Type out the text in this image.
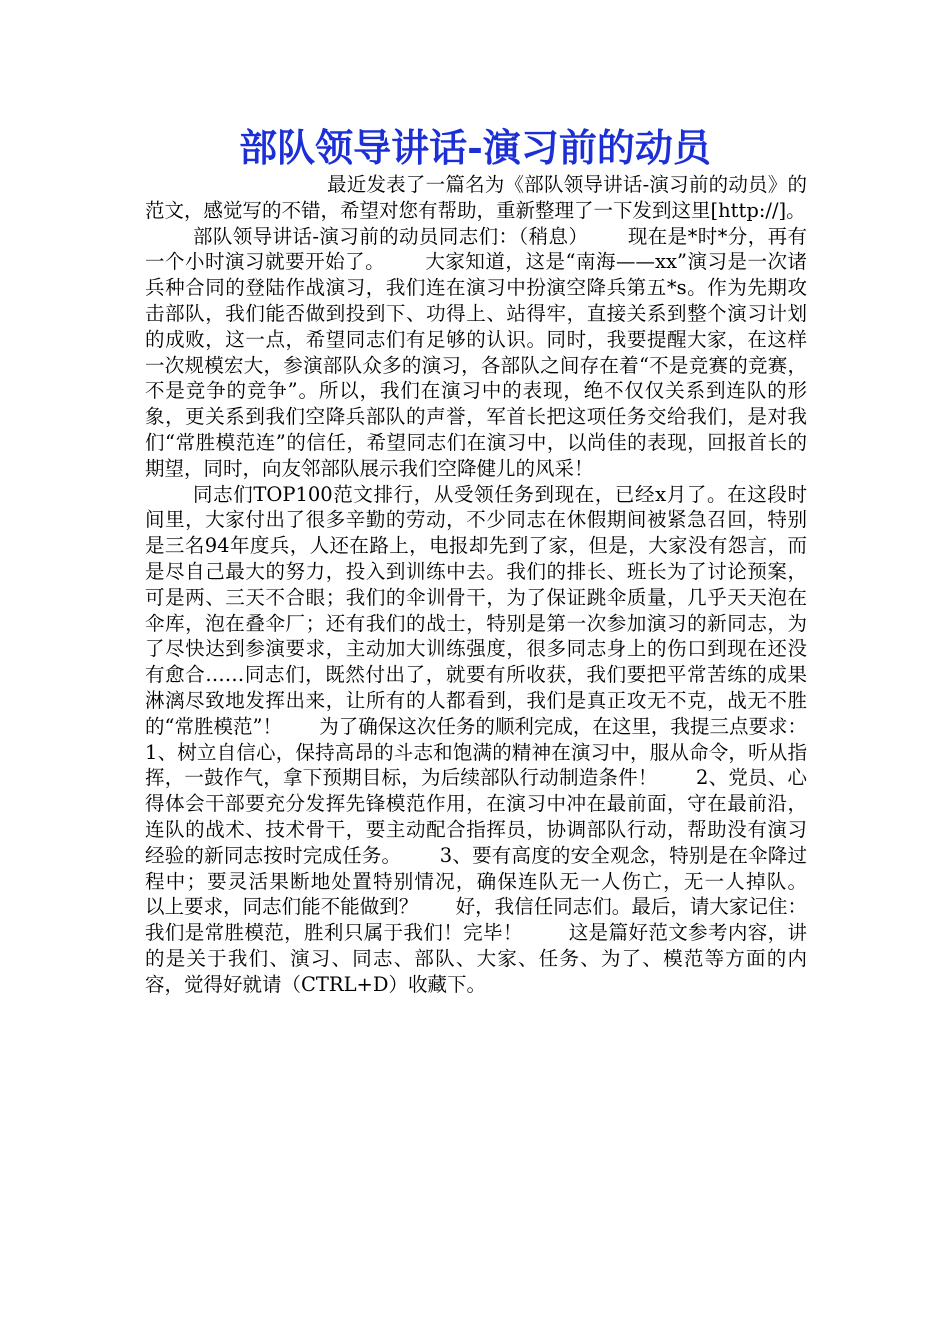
部队领导讲话-演习前的动员

最近发表了一篇名为《部队领导讲话-演习前的动员》的范文，感觉写的不错，希望对您有帮助，重新整理了一下发到这里[http://]。

部队领导讲话-演习前的动员同志们：（稍息）      现在是*时*分，再有一个小时演习就要开始了。      大家知道，这是“南海——xx”演习是一次诸兵种合同的登陆作战演习，我们连在演习中扮演空降兵第五*s。作为先期攻击部队，我们能否做到投到下、功得上、站得牢，直接关系到整个演习计划的成败，这一点，希望同志们有足够的认识。同时，我要提醒大家，在这样一次规模宏大，参演部队众多的演习，各部队之间存在着“不是竞赛的竞赛，不是竞争的竞争”。所以，我们在演习中的表现，绝不仅仅关系到连队的形象，更关系到我们空降兵部队的声誉，军首长把这项任务交给我们，是对我们“常胜模范连”的信任，希望同志们在演习中，以尚佳的表现，回报首长的期望，同时，向友邻部队展示我们空降健儿的风采！

同志们TOP100范文排行，从受领任务到现在，已经x月了。在这段时间里，大家付出了很多辛勤的劳动，不少同志在休假期间被紧急召回，特别是三名94年度兵，人还在路上，电报却先到了家，但是，大家没有怨言，而是尽自己最大的努力，投入到训练中去。我们的排长、班长为了讨论预案，可是两、三天不合眼；我们的伞训骨干，为了保证跳伞质量，几乎天天泡在伞库，泡在叠伞厂；还有我们的战士，特别是第一次参加演习的新同志，为了尽快达到参演要求，主动加大训练强度，很多同志身上的伤口到现在还没有愈合……同志们，既然付出了，就要有所收获，我们要把平常苦练的成果淋漓尽致地发挥出来，让所有的人都看到，我们是真正攻无不克，战无不胜的“常胜模范”！      为了确保这次任务的顺利完成，在这里，我提三点要求：      1、树立自信心，保持高昂的斗志和饱满的精神在演习中，服从命令，听从指挥，一鼓作气，拿下预期目标，为后续部队行动制造条件！      2、党员、心得体会干部要充分发挥先锋模范作用，在演习中冲在最前面，守在最前沿，连队的战术、技术骨干，要主动配合指挥员，协调部队行动，帮助没有演习经验的新同志按时完成任务。      3、要有高度的安全观念，特别是在伞降过程中；要灵活果断地处置特别情况，确保连队无一人伤亡，无一人掉队。      以上要求，同志们能不能做到？      好，我信任同志们。最后，请大家记住：我们是常胜模范，胜利只属于我们！完毕！       这是篇好范文参考内容，讲的是关于我们、演习、同志、部队、大家、任务、为了、模范等方面的内容，觉得好就请（CTRL+D）收藏下。
